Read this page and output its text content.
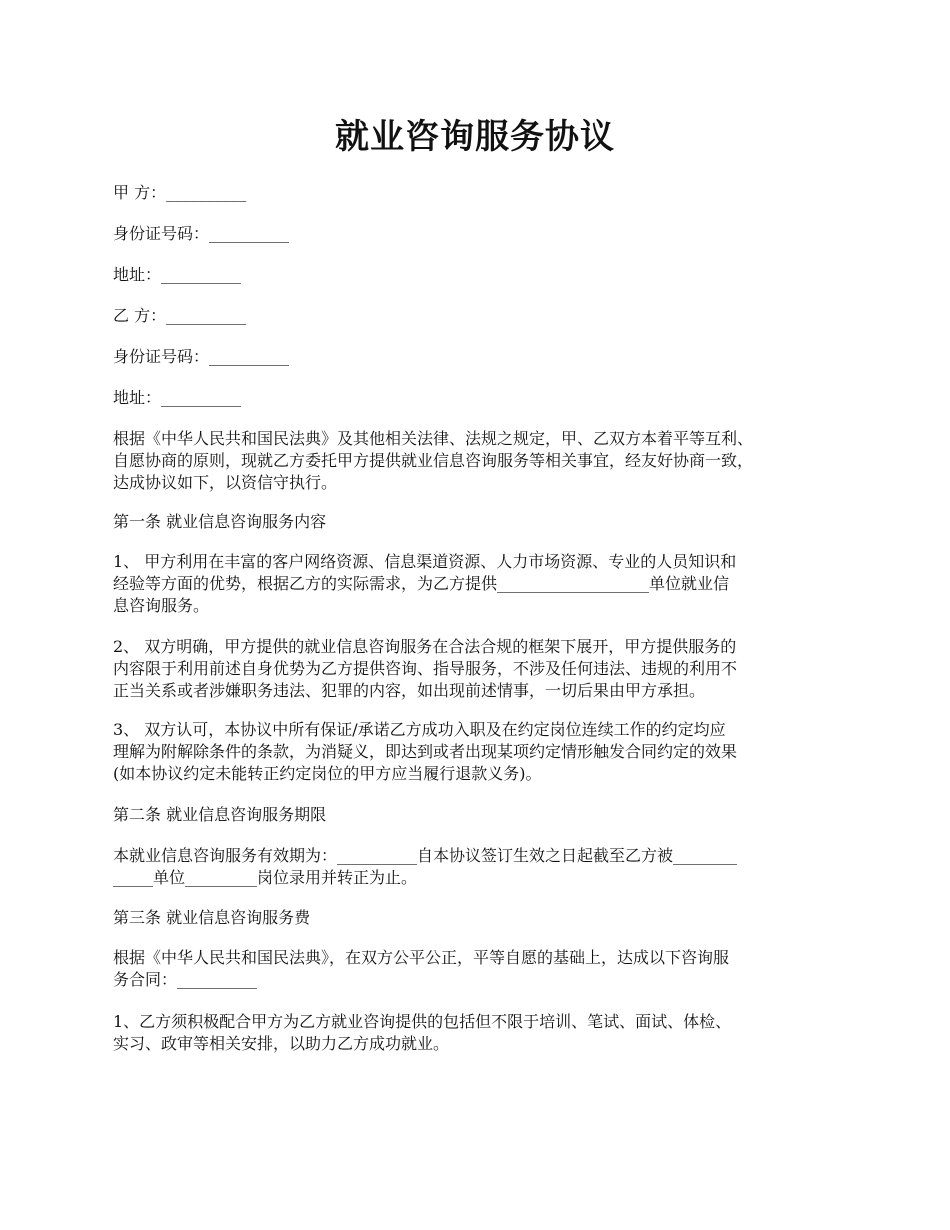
就业咨询服务协议
甲 方：__________
身份证号码：__________
地址：__________
乙 方：__________
身份证号码：__________
地址：__________

根据《中华人民共和国民法典》及其他相关法律、法规之规定，甲、乙双方本着平等互利、

自愿协商的原则，现就乙方委托甲方提供就业信息咨询服务等相关事宜，经友好协商一致，

达成协议如下，以资信守执行。

第一条 就业信息咨询服务内容

1、 甲方利用在丰富的客户网络资源、信息渠道资源、人力市场资源、专业的人员知识和

经验等方面的优势，根据乙方的实际需求，为乙方提供___________________单位就业信

息咨询服务。

2、 双方明确，甲方提供的就业信息咨询服务在合法合规的框架下展开，甲方提供服务的

内容限于利用前述自身优势为乙方提供咨询、指导服务，不涉及任何违法、违规的利用不

正当关系或者涉嫌职务违法、犯罪的内容，如出现前述情事，一切后果由甲方承担。

3、 双方认可，本协议中所有保证/承诺乙方成功入职及在约定岗位连续工作的约定均应

理解为附解除条件的条款，为消疑义，即达到或者出现某项约定情形触发合同约定的效果

(如本协议约定未能转正约定岗位的甲方应当履行退款义务)。

第二条 就业信息咨询服务期限

本就业信息咨询服务有效期为：__________自本协议签订生效之日起截至乙方被________

_____单位_________岗位录用并转正为止。

第三条 就业信息咨询服务费

根据《中华人民共和国民法典》，在双方公平公正，平等自愿的基础上，达成以下咨询服

务合同：__________

1、乙方须积极配合甲方为乙方就业咨询提供的包括但不限于培训、笔试、面试、体检、

实习、政审等相关安排，以助力乙方成功就业。
